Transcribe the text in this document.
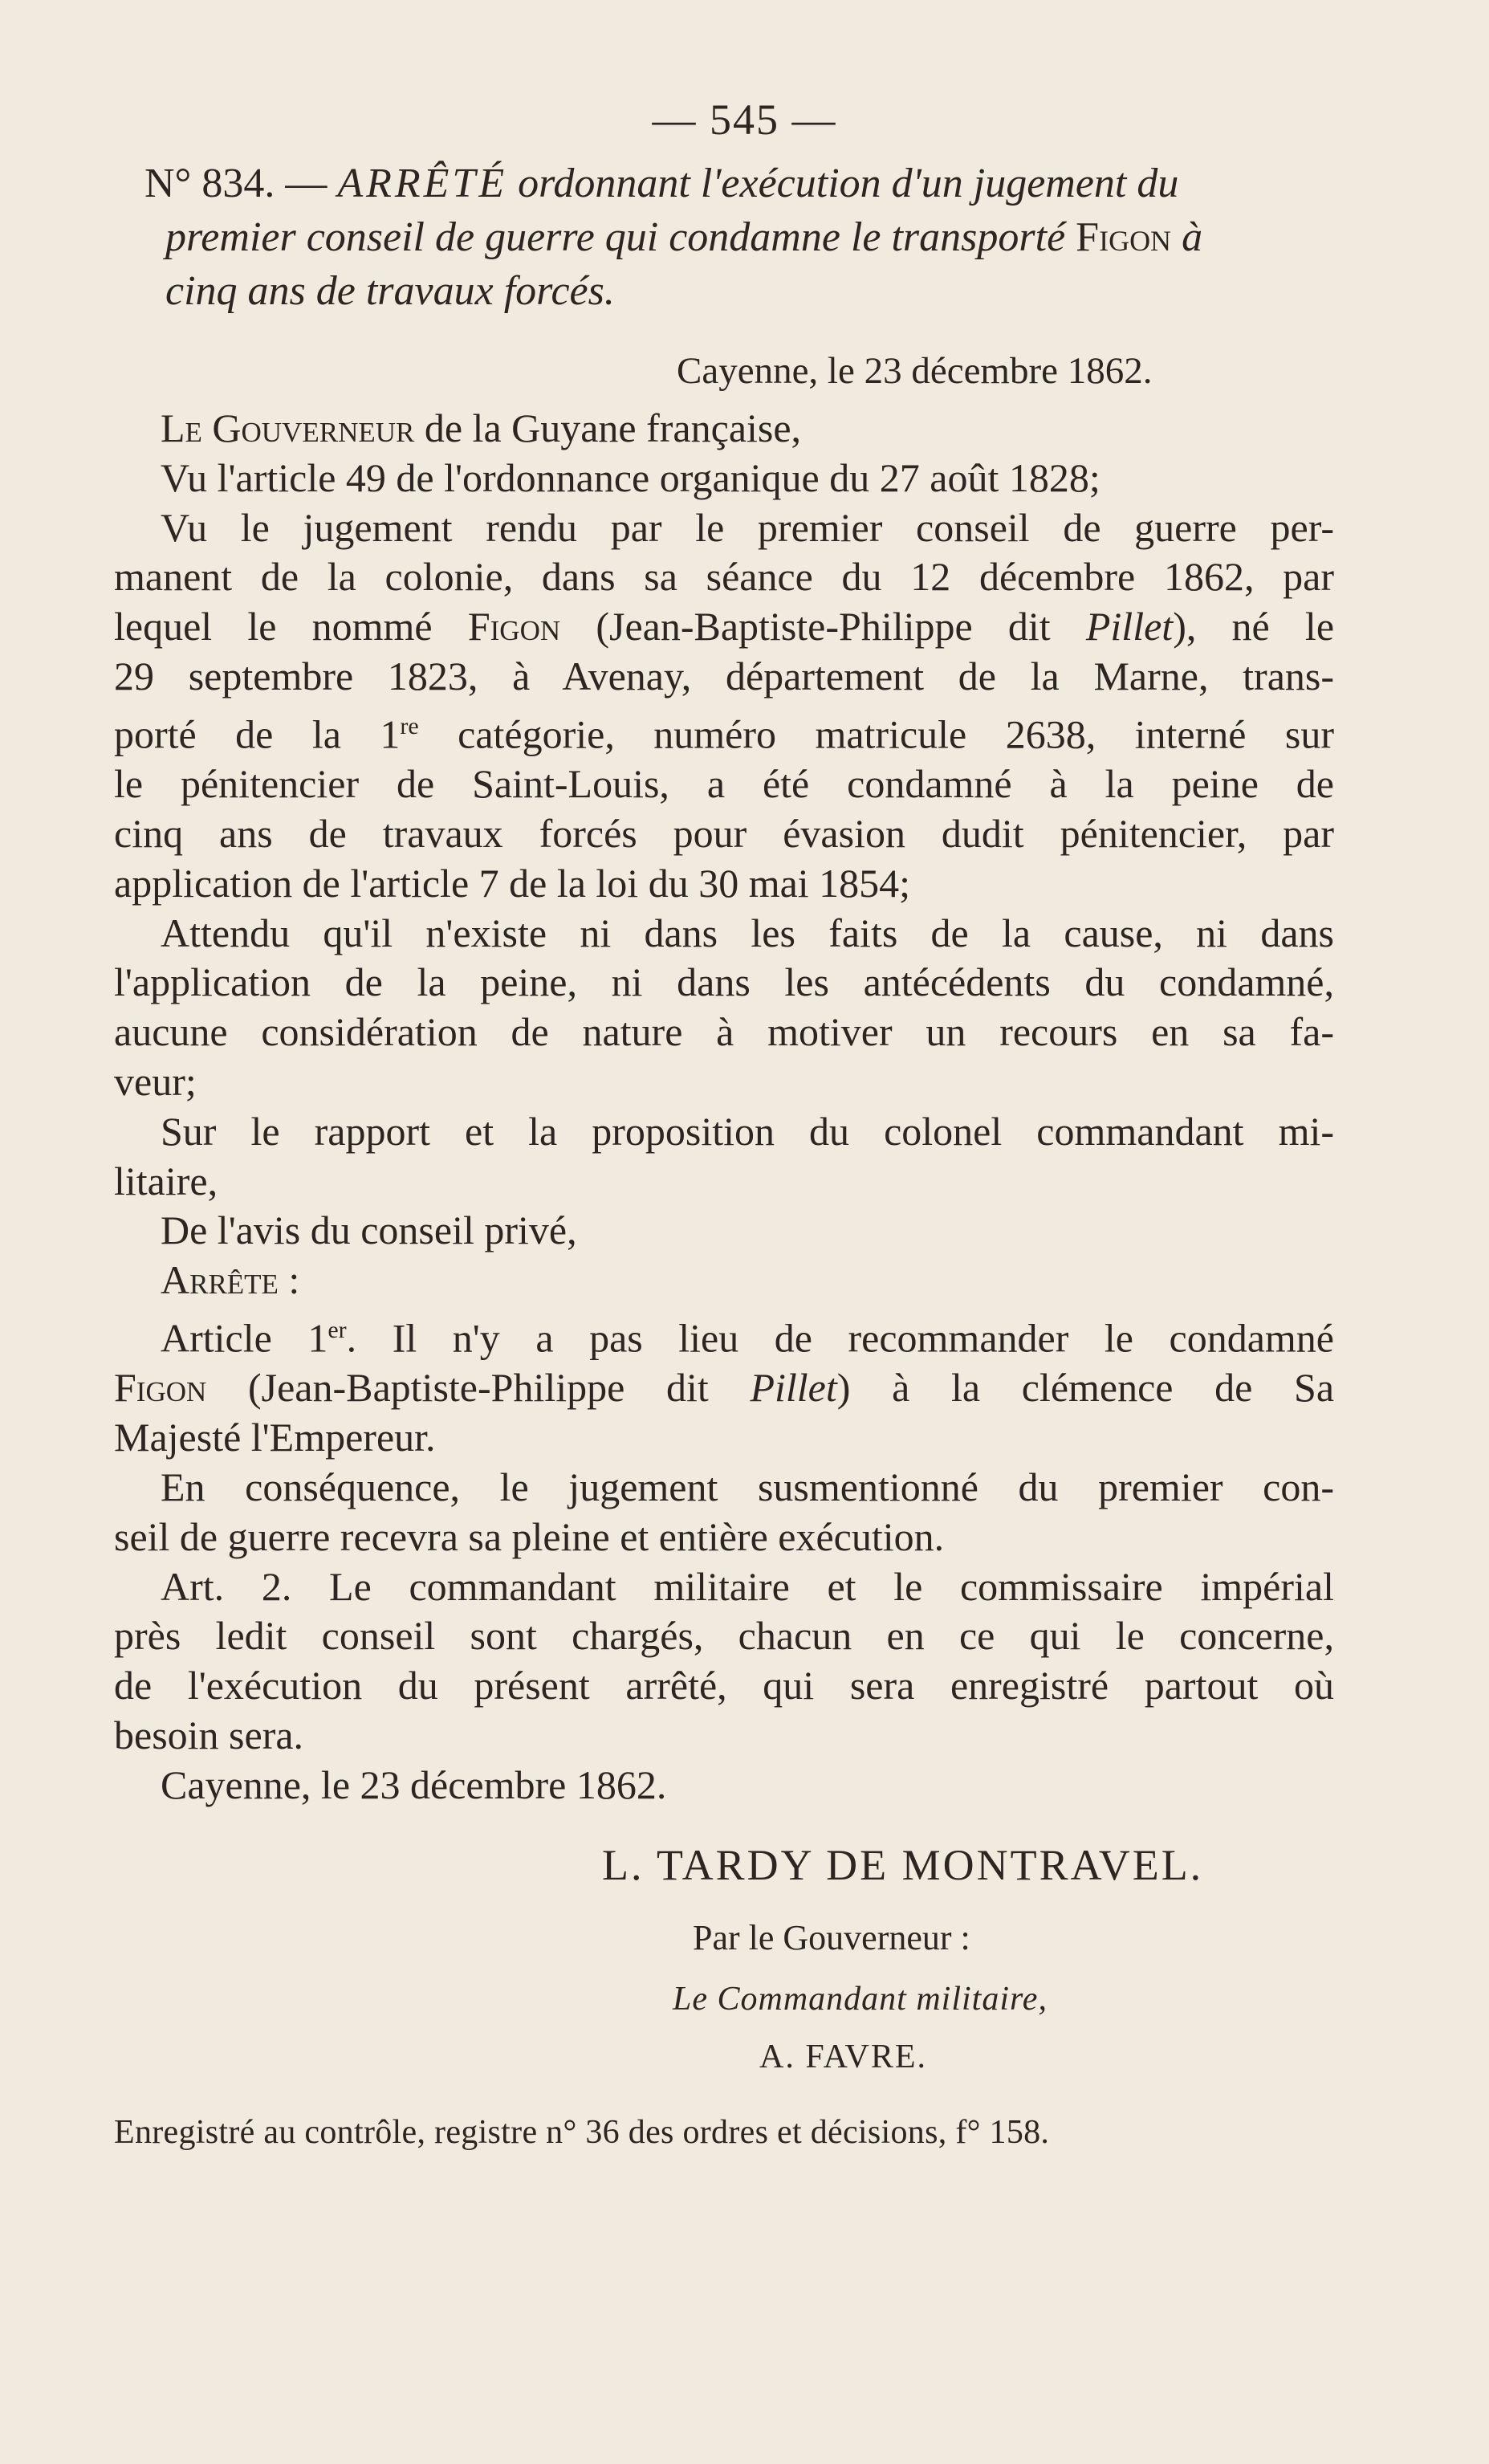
— 545 —
N° 834. — ARRÊTÉ ordonnant l'exécution d'un jugement du
premier conseil de guerre qui condamne le transporté Figon à
cinq ans de travaux forcés.
Cayenne, le 23 décembre 1862.
Le Gouverneur de la Guyane française,
Vu l'article 49 de l'ordonnance organique du 27 août 1828;
Vu le jugement rendu par le premier conseil de guerre per-
manent de la colonie, dans sa séance du 12 décembre 1862, par
lequel le nommé Figon (Jean-Baptiste-Philippe dit Pillet), né le
29 septembre 1823, à Avenay, département de la Marne, trans-
porté de la 1re catégorie, numéro matricule 2638, interné sur
le pénitencier de Saint-Louis, a été condamné à la peine de
cinq ans de travaux forcés pour évasion dudit pénitencier, par
application de l'article 7 de la loi du 30 mai 1854;
Attendu qu'il n'existe ni dans les faits de la cause, ni dans
l'application de la peine, ni dans les antécédents du condamné,
aucune considération de nature à motiver un recours en sa fa-
veur;
Sur le rapport et la proposition du colonel commandant mi-
litaire,
De l'avis du conseil privé,
Arrête :
Article 1er. Il n'y a pas lieu de recommander le condamné
Figon (Jean-Baptiste-Philippe dit Pillet) à la clémence de Sa
Majesté l'Empereur.
En conséquence, le jugement susmentionné du premier con-
seil de guerre recevra sa pleine et entière exécution.
Art. 2. Le commandant militaire et le commissaire impérial
près ledit conseil sont chargés, chacun en ce qui le concerne,
de l'exécution du présent arrêté, qui sera enregistré partout où
besoin sera.
Cayenne, le 23 décembre 1862.
L. TARDY DE MONTRAVEL.
Par le Gouverneur :
Le Commandant militaire,
A. FAVRE.
Enregistré au contrôle, registre n° 36 des ordres et décisions, f° 158.
